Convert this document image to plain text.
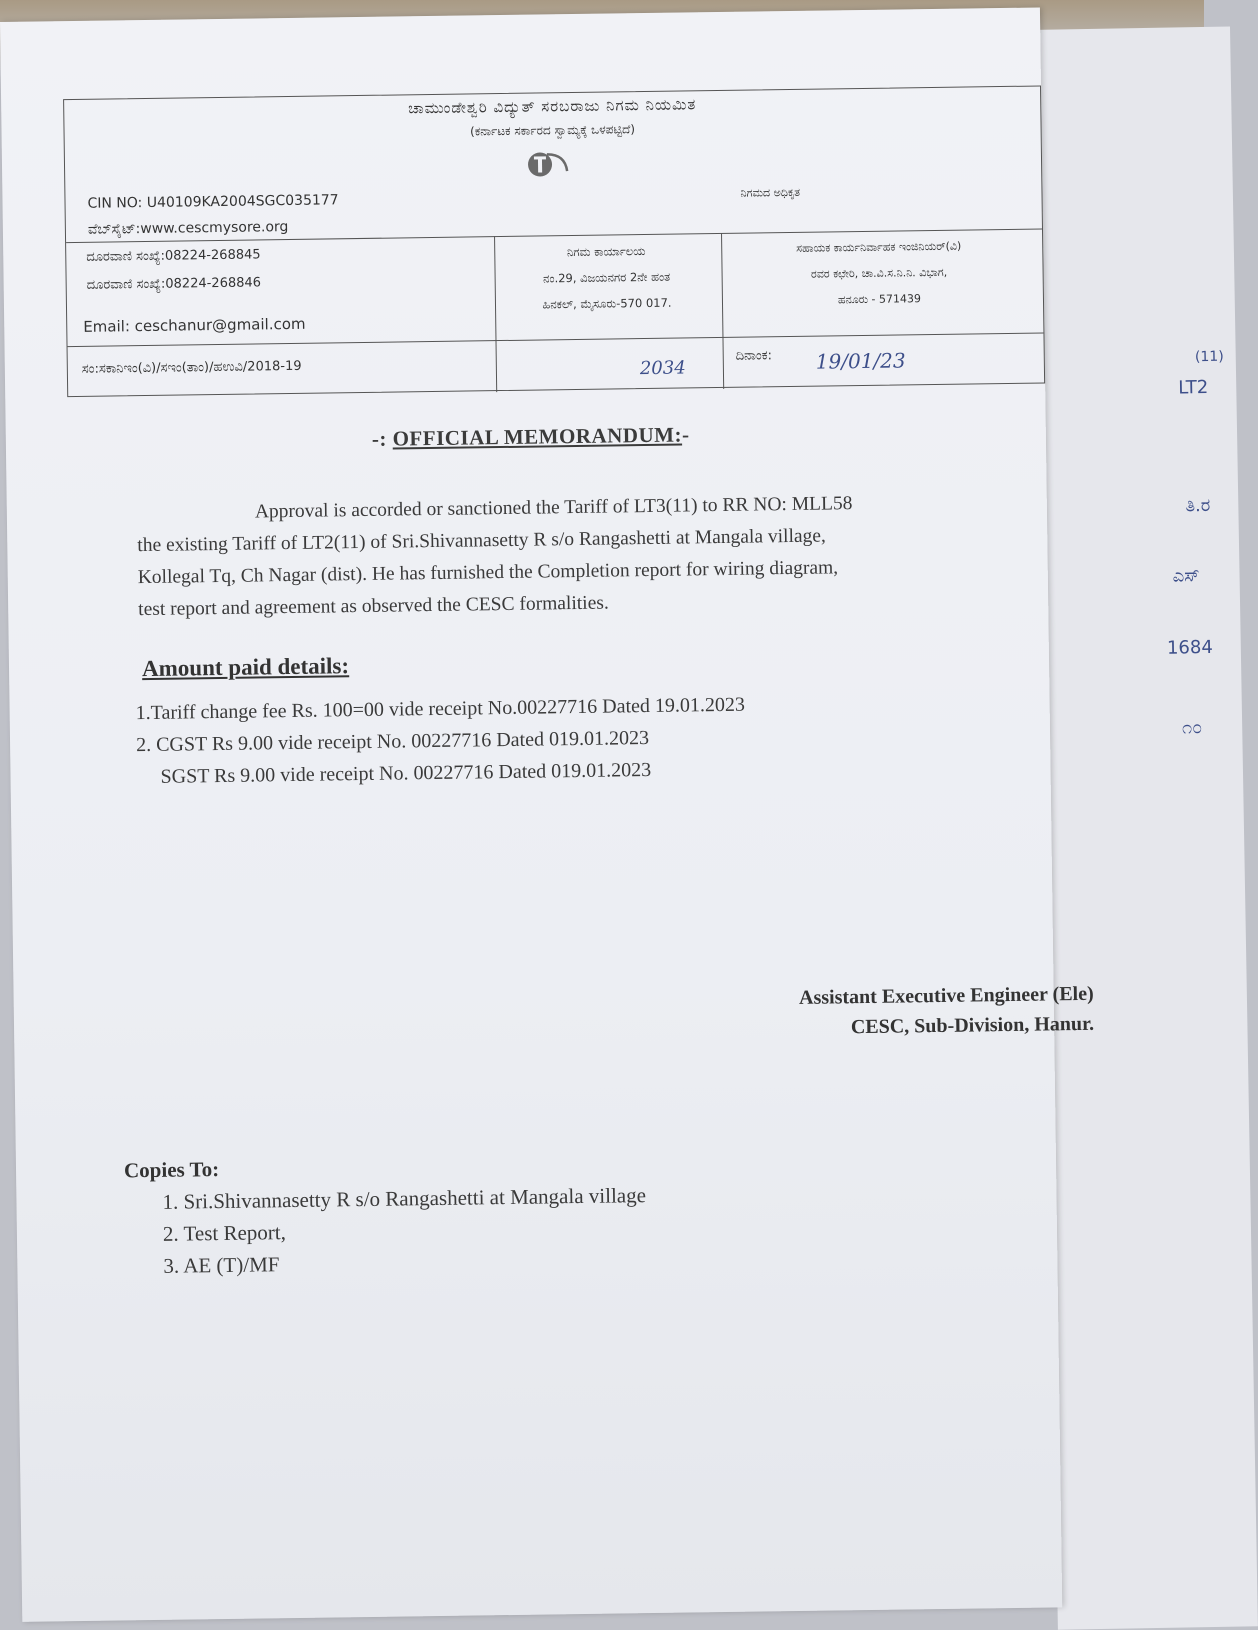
(11)
LT2
ತಿ.ರ
ಎಸ್
1684
೧೦
ಚಾಮುಂಡೇಶ್ವರಿ ವಿದ್ಯುತ್ ಸರಬರಾಜು ನಿಗಮ ನಿಯಮಿತ
(ಕರ್ನಾಟಕ ಸರ್ಕಾರದ ಸ್ವಾಮ್ಯಕ್ಕೆ ಒಳಪಟ್ಟಿದೆ)
CIN NO: U40109KA2004SGC035177
ವೆಬ್‌ಸೈಟ್:www.cescmysore.org
ನಿಗಮದ ಅಧಿಕೃತ
ದೂರವಾಣಿ ಸಂಖ್ಯೆ:08224-268845
ದೂರವಾಣಿ ಸಂಖ್ಯೆ:08224-268846
Email: ceschanur@gmail.com
ನಿಗಮ ಕಾರ್ಯಾಲಯ
ನಂ.29, ವಿಜಯನಗರ 2ನೇ ಹಂತ
ಹಿನಕಲ್, ಮೈಸೂರು-570 017.
ಸಹಾಯಕ ಕಾರ್ಯನಿರ್ವಾಹಕ ಇಂಜಿನಿಯರ್(ವಿ)
ರವರ ಕಛೇರಿ, ಚಾ.ವಿ.ಸ.ನಿ.ನಿ. ವಿಭಾಗ,
ಹನೂರು - 571439
ಸಂ:ಸಕಾನಿಇಂ(ವಿ)/ಸಇಂ(ತಾಂ)/ಹಉವಿ/2018-19	2034
ದಿನಾಂಕ: 19/01/23
-: OFFICIAL MEMORANDUM:-
Approval is accorded or sanctioned the Tariff of LT3(11) to RR NO: MLL58
the existing Tariff of LT2(11) of Sri.Shivannasetty R s/o Rangashetti at Mangala village,
Kollegal Tq, Ch Nagar (dist). He has furnished the Completion report for wiring diagram,
test report and agreement as observed the CESC formalities.
Amount paid details:
1.Tariff change fee Rs. 100=00 vide receipt No.00227716 Dated 19.01.2023
2. CGST Rs 9.00 vide receipt No. 00227716 Dated 019.01.2023
SGST Rs 9.00 vide receipt No. 00227716 Dated 019.01.2023
Assistant Executive Engineer (Ele)
CESC, Sub-Division, Hanur.
Copies To:
1. Sri.Shivannasetty R s/o Rangashetti at Mangala village
2. Test Report,
3. AE (T)/MF
